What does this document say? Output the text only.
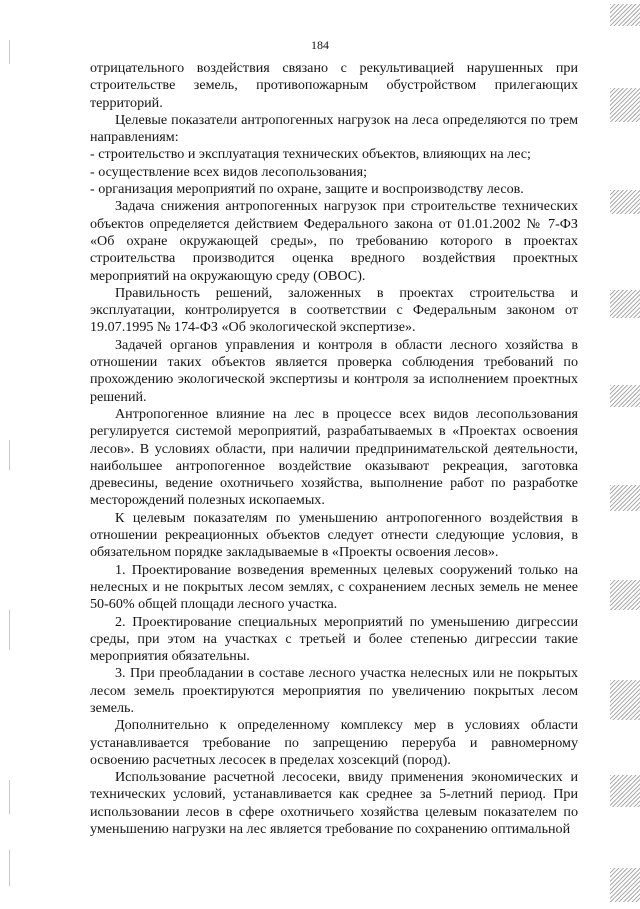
184

отрицательного воздействия связано с рекультивацией нарушенных при строительстве земель, противопожарным обустройством прилегающих территорий.

Целевые показатели антропогенных нагрузок на леса определяются по трем направлениям:

- строительство и эксплуатация технических объектов, влияющих на лес;

- осуществление всех видов лесопользования;

- организация мероприятий по охране, защите и воспроизводству лесов.

Задача снижения антропогенных нагрузок при строительстве технических объектов определяется действием Федерального закона от 01.01.2002 № 7-ФЗ «Об охране окружающей среды», по требованию которого в проектах строительства производится оценка вредного воздействия проектных мероприятий на окружающую среду (ОВОС).

Правильность решений, заложенных в проектах строительства и эксплуатации, контролируется в соответствии с Федеральным законом от 19.07.1995 № 174-ФЗ «Об экологической экспертизе».

Задачей органов управления и контроля в области лесного хозяйства в отношении таких объектов является проверка соблюдения требований по прохождению экологической экспертизы и контроля за исполнением проектных решений.

Антропогенное влияние на лес в процессе всех видов лесопользования регулируется системой мероприятий, разрабатываемых в «Проектах освоения лесов». В условиях области, при наличии предпринимательской деятельности, наибольшее антропогенное воздействие оказывают рекреация, заготовка древесины, ведение охотничьего хозяйства, выполнение работ по разработке месторождений полезных ископаемых.

К целевым показателям по уменьшению антропогенного воздействия в отношении рекреационных объектов следует отнести следующие условия, в обязательном порядке закладываемые в «Проекты освоения лесов».

1. Проектирование возведения временных целевых сооружений только на нелесных и не покрытых лесом землях, с сохранением лесных земель не менее 50-60% общей площади лесного участка.

2. Проектирование специальных мероприятий по уменьшению дигрессии среды, при этом на участках с третьей и более степенью дигрессии такие мероприятия обязательны.

3. При преобладании в составе лесного участка нелесных или не покрытых лесом земель проектируются мероприятия по увеличению покрытых лесом земель.

Дополнительно к определенному комплексу мер в условиях области устанавливается требование по запрещению переруба и равномерному освоению расчетных лесосек в пределах хозсекций (пород).

Использование расчетной лесосеки, ввиду применения экономических и технических условий, устанавливается как среднее за 5-летний период. При использовании лесов в сфере охотничьего хозяйства целевым показателем по уменьшению нагрузки на лес является требование по сохранению оптимальной
